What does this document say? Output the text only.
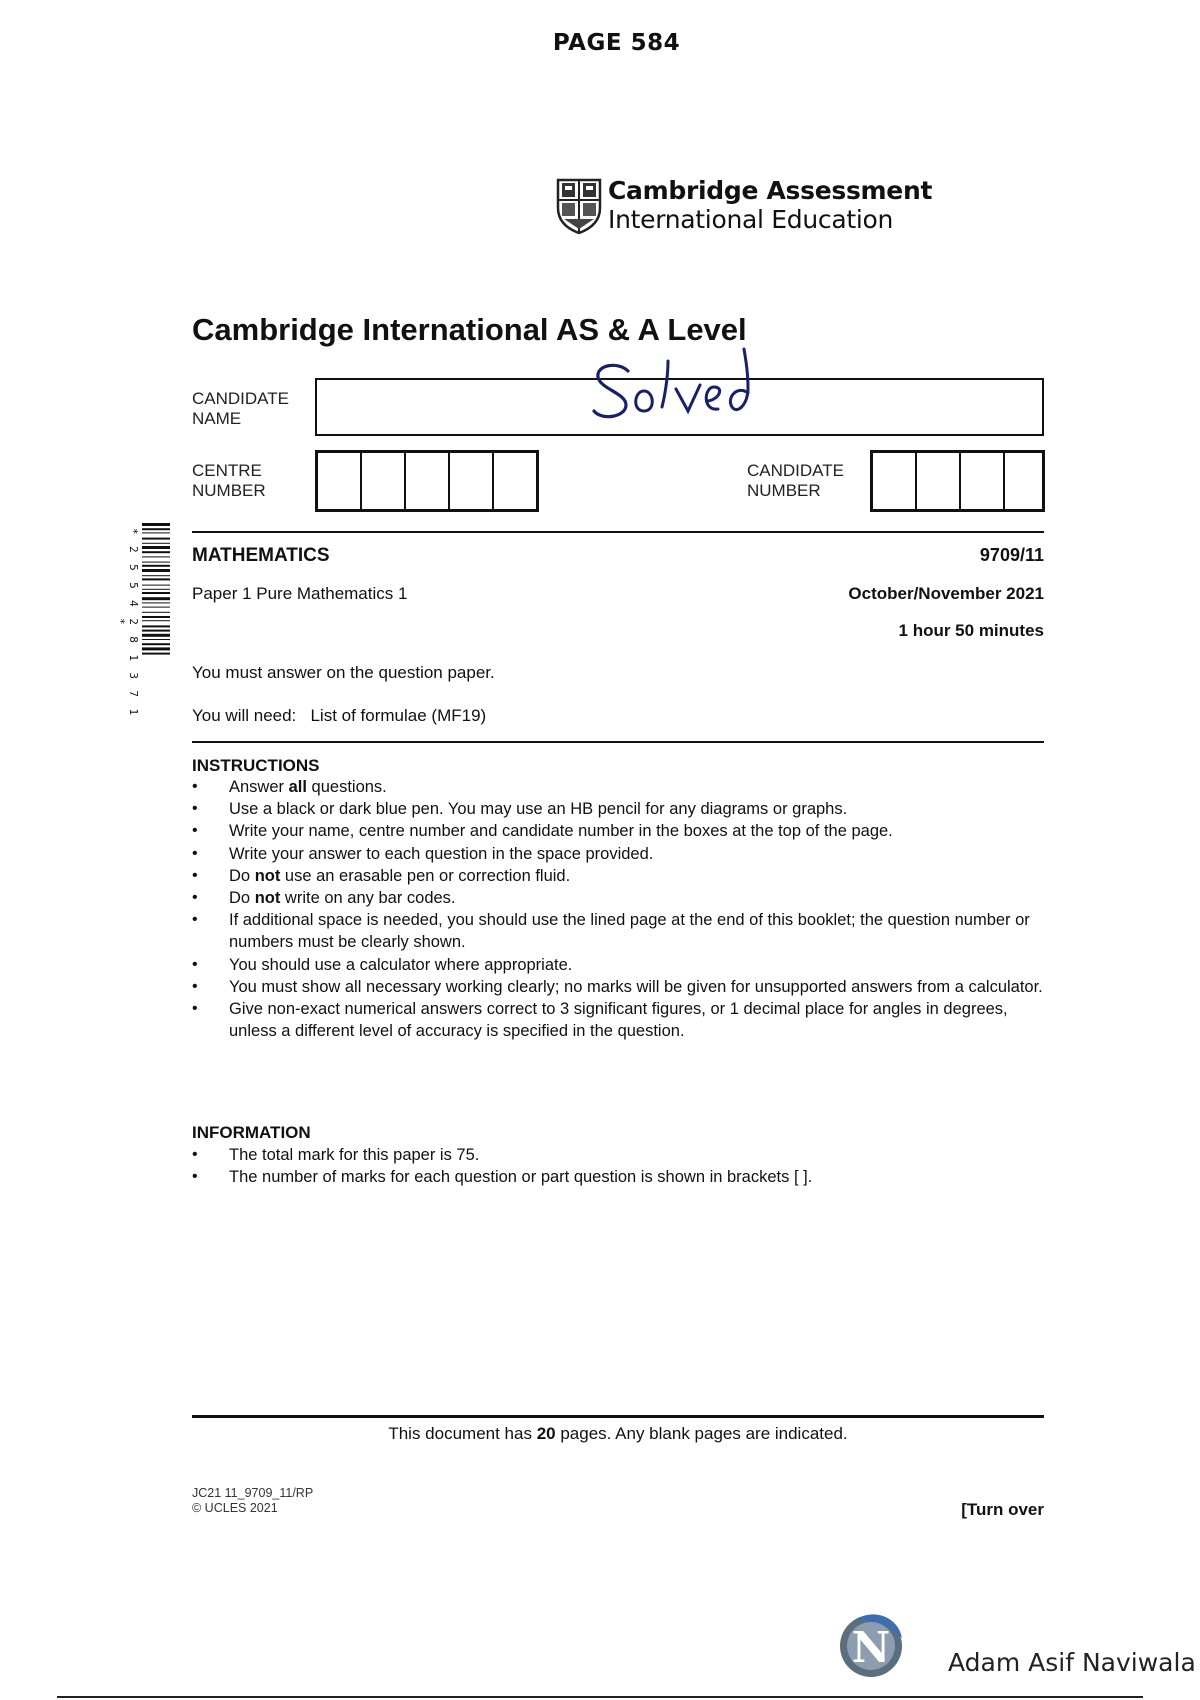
PAGE 584
Cambridge Assessment
International Education
Cambridge International AS & A Level
CANDIDATE
NAME
CENTRE
NUMBER
CANDIDATE
NUMBER
* 2 5 5 4 2 8 1 3 7 1 *
MATHEMATICS	9709/11
Paper 1 Pure Mathematics 1	October/November 2021
1 hour 50 minutes
You must answer on the question paper.
You will need: List of formulae (MF19)
INSTRUCTIONS
• Answer all questions.
• Use a black or dark blue pen. You may use an HB pencil for any diagrams or graphs.
• Write your name, centre number and candidate number in the boxes at the top of the page.
• Write your answer to each question in the space provided.
• Do not use an erasable pen or correction fluid.
• Do not write on any bar codes.
• If additional space is needed, you should use the lined page at the end of this booklet; the question number or numbers must be clearly shown.
• You should use a calculator where appropriate.
• You must show all necessary working clearly; no marks will be given for unsupported answers from a calculator.
• Give non-exact numerical answers correct to 3 significant figures, or 1 decimal place for angles in degrees, unless a different level of accuracy is specified in the question.
INFORMATION
• The total mark for this paper is 75.
• The number of marks for each question or part question is shown in brackets [ ].
This document has 20 pages. Any blank pages are indicated.
JC21 11_9709_11/RP
© UCLES 2021	[Turn over
N Adam Asif Naviwala
